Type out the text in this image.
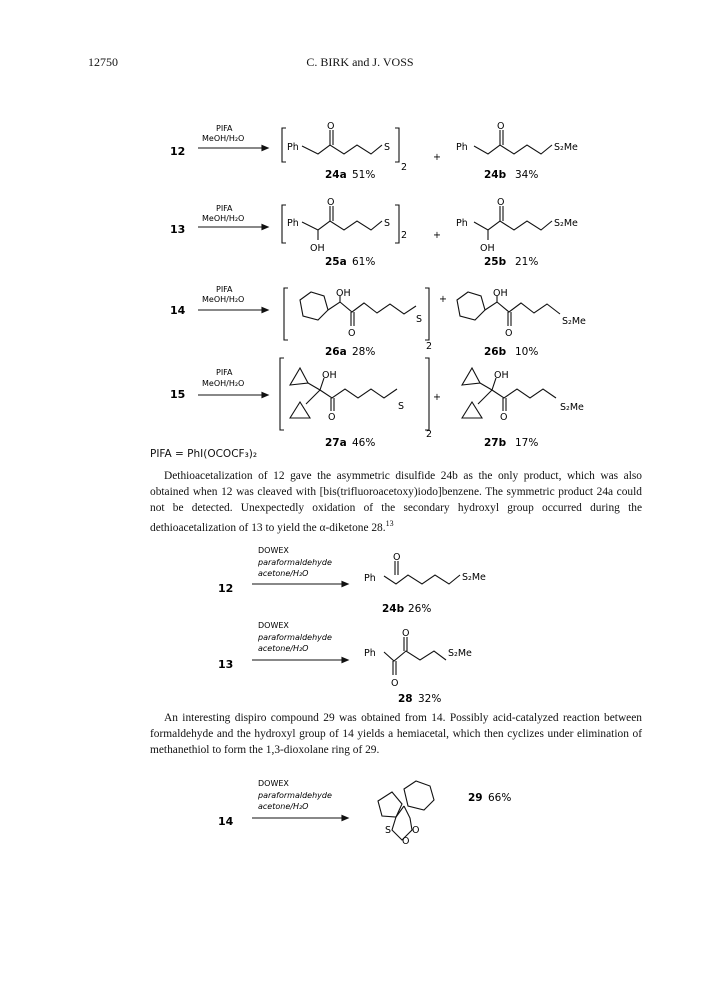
12750	C. BIRK and J. VOSS
PIFA
MeOH/H₂O
12	Ph
O
S
2
+
Ph
O
S₂Me
24a 51%	24b 34%
PIFA
MeOH/H₂O
13	Ph
O
S
2
OH
+
Ph
O
S₂Me
OH
25a 61%	25b 21%
PIFA
MeOH/H₂O
14
OH
O
S
2
+
OH
O
S₂Me
26a 28%	26b 10%
PIFA
MeOH/H₂O
15
OH
O
S
2
+
OH
O
S₂Me
27a 46%	27b 17%
PIFA = PhI(OCOCF₃)₂
Dethioacetalization of 12 gave the asymmetric disulfide 24b as the only product, which was also obtained when 12 was cleaved with [bis(trifluoroacetoxy)iodo]benzene. The symmetric product 24a could not be detected. Unexpectedly oxidation of the secondary hydroxyl group occurred during the dethioacetalization of 13 to yield the α-diketone 28.13
DOWEX
paraformaldehyde
acetone/H₂O
12
Ph
O
S₂Me
24b 26%
DOWEX
paraformaldehyde
acetone/H₂O
13
Ph
O
O
S₂Me
28 32%
An interesting dispiro compound 29 was obtained from 14. Possibly acid-catalyzed reaction between formaldehyde and the hydroxyl group of 14 yields a hemiacetal, which then cyclizes under elimination of methanethiol to form the 1,3-dioxolane ring of 29.
DOWEX
paraformaldehyde
acetone/H₂O
14
S O
O
29 66%
